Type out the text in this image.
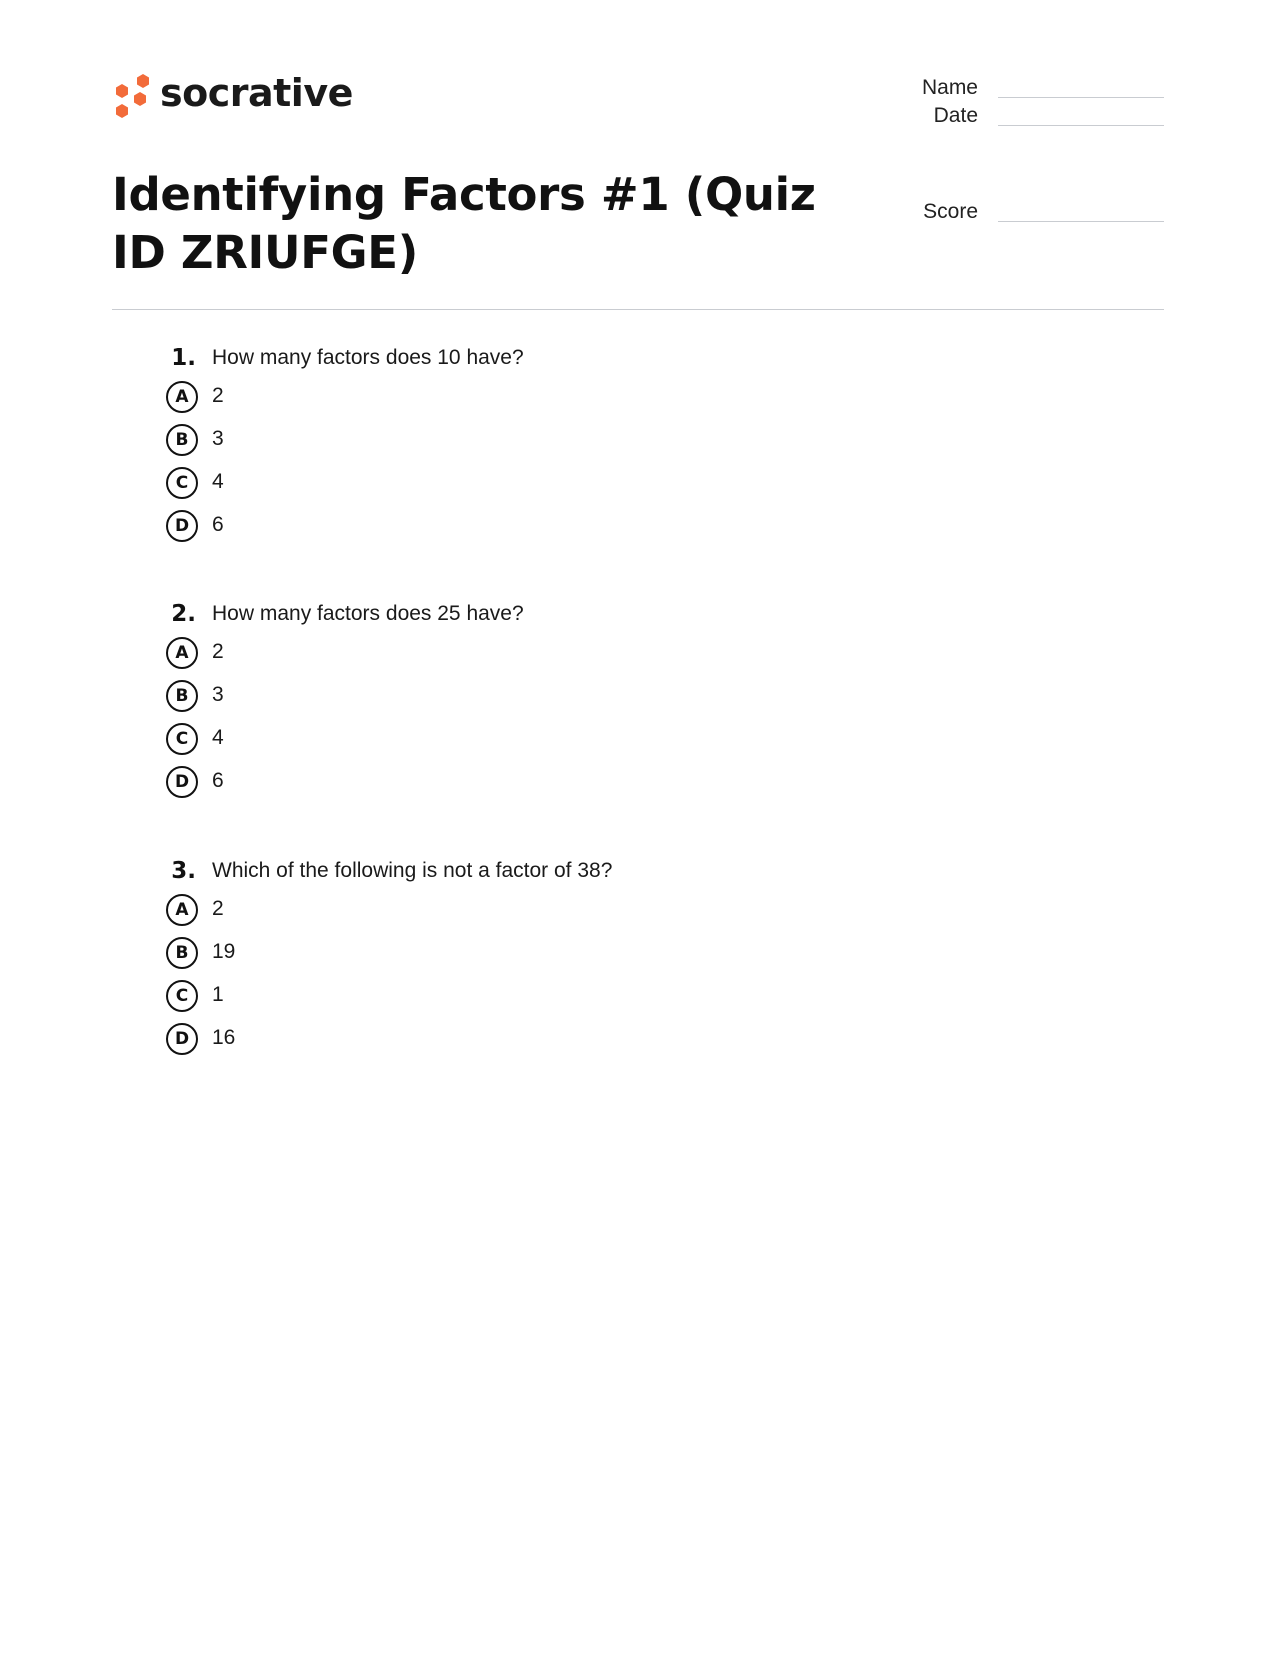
socrative	Name
Date
Score
Identifying Factors #1 (Quiz ID ZRIUFGE)
1. How many factors does 10 have?
A	2
B	3
C	4
D	6
2. How many factors does 25 have?
A	2
B	3
C	4
D	6
3. Which of the following is not a factor of 38?
A	2
B	19
C	1
D	16
